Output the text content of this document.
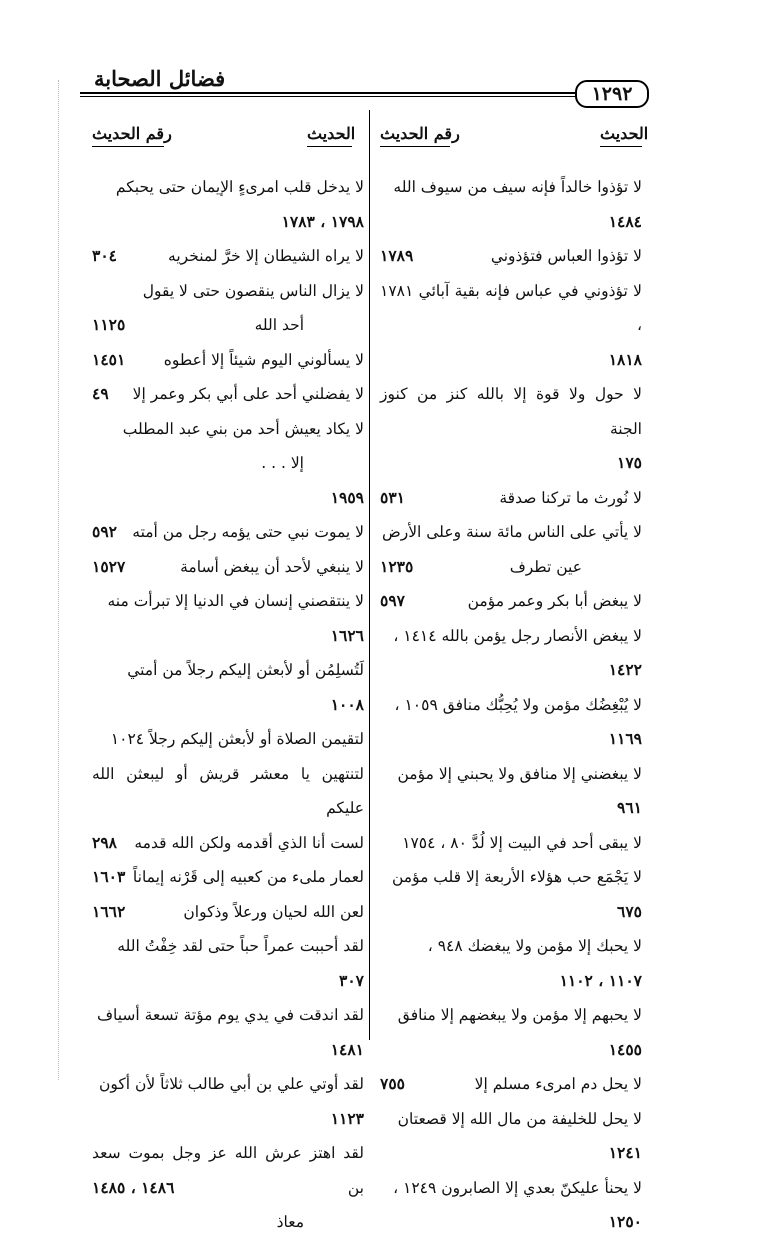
فضائل الصحابة
١٢٩٢
الحديث
رقم الحديث
الحديث
رقم الحديث
لا تؤذوا خالداً فإنه سيف من سيوف الله
١٤٨٤
لا تؤذوا العباس فتؤذوني
١٧٨٩
لا تؤذوني في عباس فإنه بقية آبائي ١٧٨١ ،
١٨١٨
لا حول ولا قوة إلا بالله كنز من كنوز الجنة
١٧٥
لا نُورث ما تركنا صدقة
٥٣١
لا يأتي على الناس مائة سنة وعلى الأرض
عين تطرف
١٢٣٥
لا يبغض أبا بكر وعمر مؤمن
٥٩٧
لا يبغض الأنصار رجل يؤمن بالله ١٤١٤ ،
١٤٢٢
لا يُبْغِضُك مؤمن ولا يُحِبُّك منافق ١٠٥٩ ،
١١٦٩
لا يبغضني إلا منافق ولا يحبني إلا مؤمن
٩٦١
لا يبقى أحد في البيت إلا لُدَّ ٨٠ ، ١٧٥٤
لا يَجْمَع حب هؤلاء الأربعة إلا قلب مؤمن
٦٧٥
لا يحبك إلا مؤمن ولا يبغضك ٩٤٨ ،
١١٠٧ ، ١١٠٢
لا يحبهم إلا مؤمن ولا يبغضهم إلا منافق
١٤٥٥
لا يحل دم امرىء مسلم إلا
٧٥٥
لا يحل للخليفة من مال الله إلا قصعتان
١٢٤١
لا يحنأ عليكنّ بعدي إلا الصابرون ١٢٤٩ ،
١٢٥٠
لا يدخل قلب امرىءٍ الإيمان حتى يحبكم
١٧٩٨ ، ١٧٨٣
لا يراه الشيطان إلا خرَّ لمنخريه
٣٠٤
لا يزال الناس ينقصون حتى لا يقول
أحد الله
١١٢٥
لا يسألوني اليوم شيئاً إلا أعطوه
١٤٥١
لا يفضلني أحد على أبي بكر وعمر إلا
٤٩
لا يكاد يعيش أحد من بني عبد المطلب
إلا . . .
١٩٥٩
لا يموت نبي حتى يؤمه رجل من أمته
٥٩٢
لا ينبغي لأحد أن يبغض أسامة
١٥٢٧
لا ينتقصني إنسان في الدنيا إلا تبرأت منه
١٦٢٦
لَتُسلِمُن أو لأبعثن إليكم رجلاً من أمتي
١٠٠٨
لتقيمن الصلاة أو لأبعثن إليكم رجلاً ١٠٢٤
لتنتهين يا معشر قريش أو ليبعثن الله عليكم
لست أنا الذي أقدمه ولكن الله قدمه
٢٩٨
لعمار ملىء من كعبيه إلى قَرْنه إيماناً
١٦٠٣
لعن الله لحيان ورعلاً وذكوان
١٦٦٢
لقد أحببت عمراً حباً حتى لقد خِفْتُ الله
٣٠٧
لقد اندقت في يدي يوم مؤتة تسعة أسياف
١٤٨١
لقد أوتي علي بن أبي طالب ثلاثاً لأن أكون
١١٢٣
لقد اهتز عرش الله عز وجل بموت سعد بن
معاذ
١٤٨٦ ، ١٤٨٥
